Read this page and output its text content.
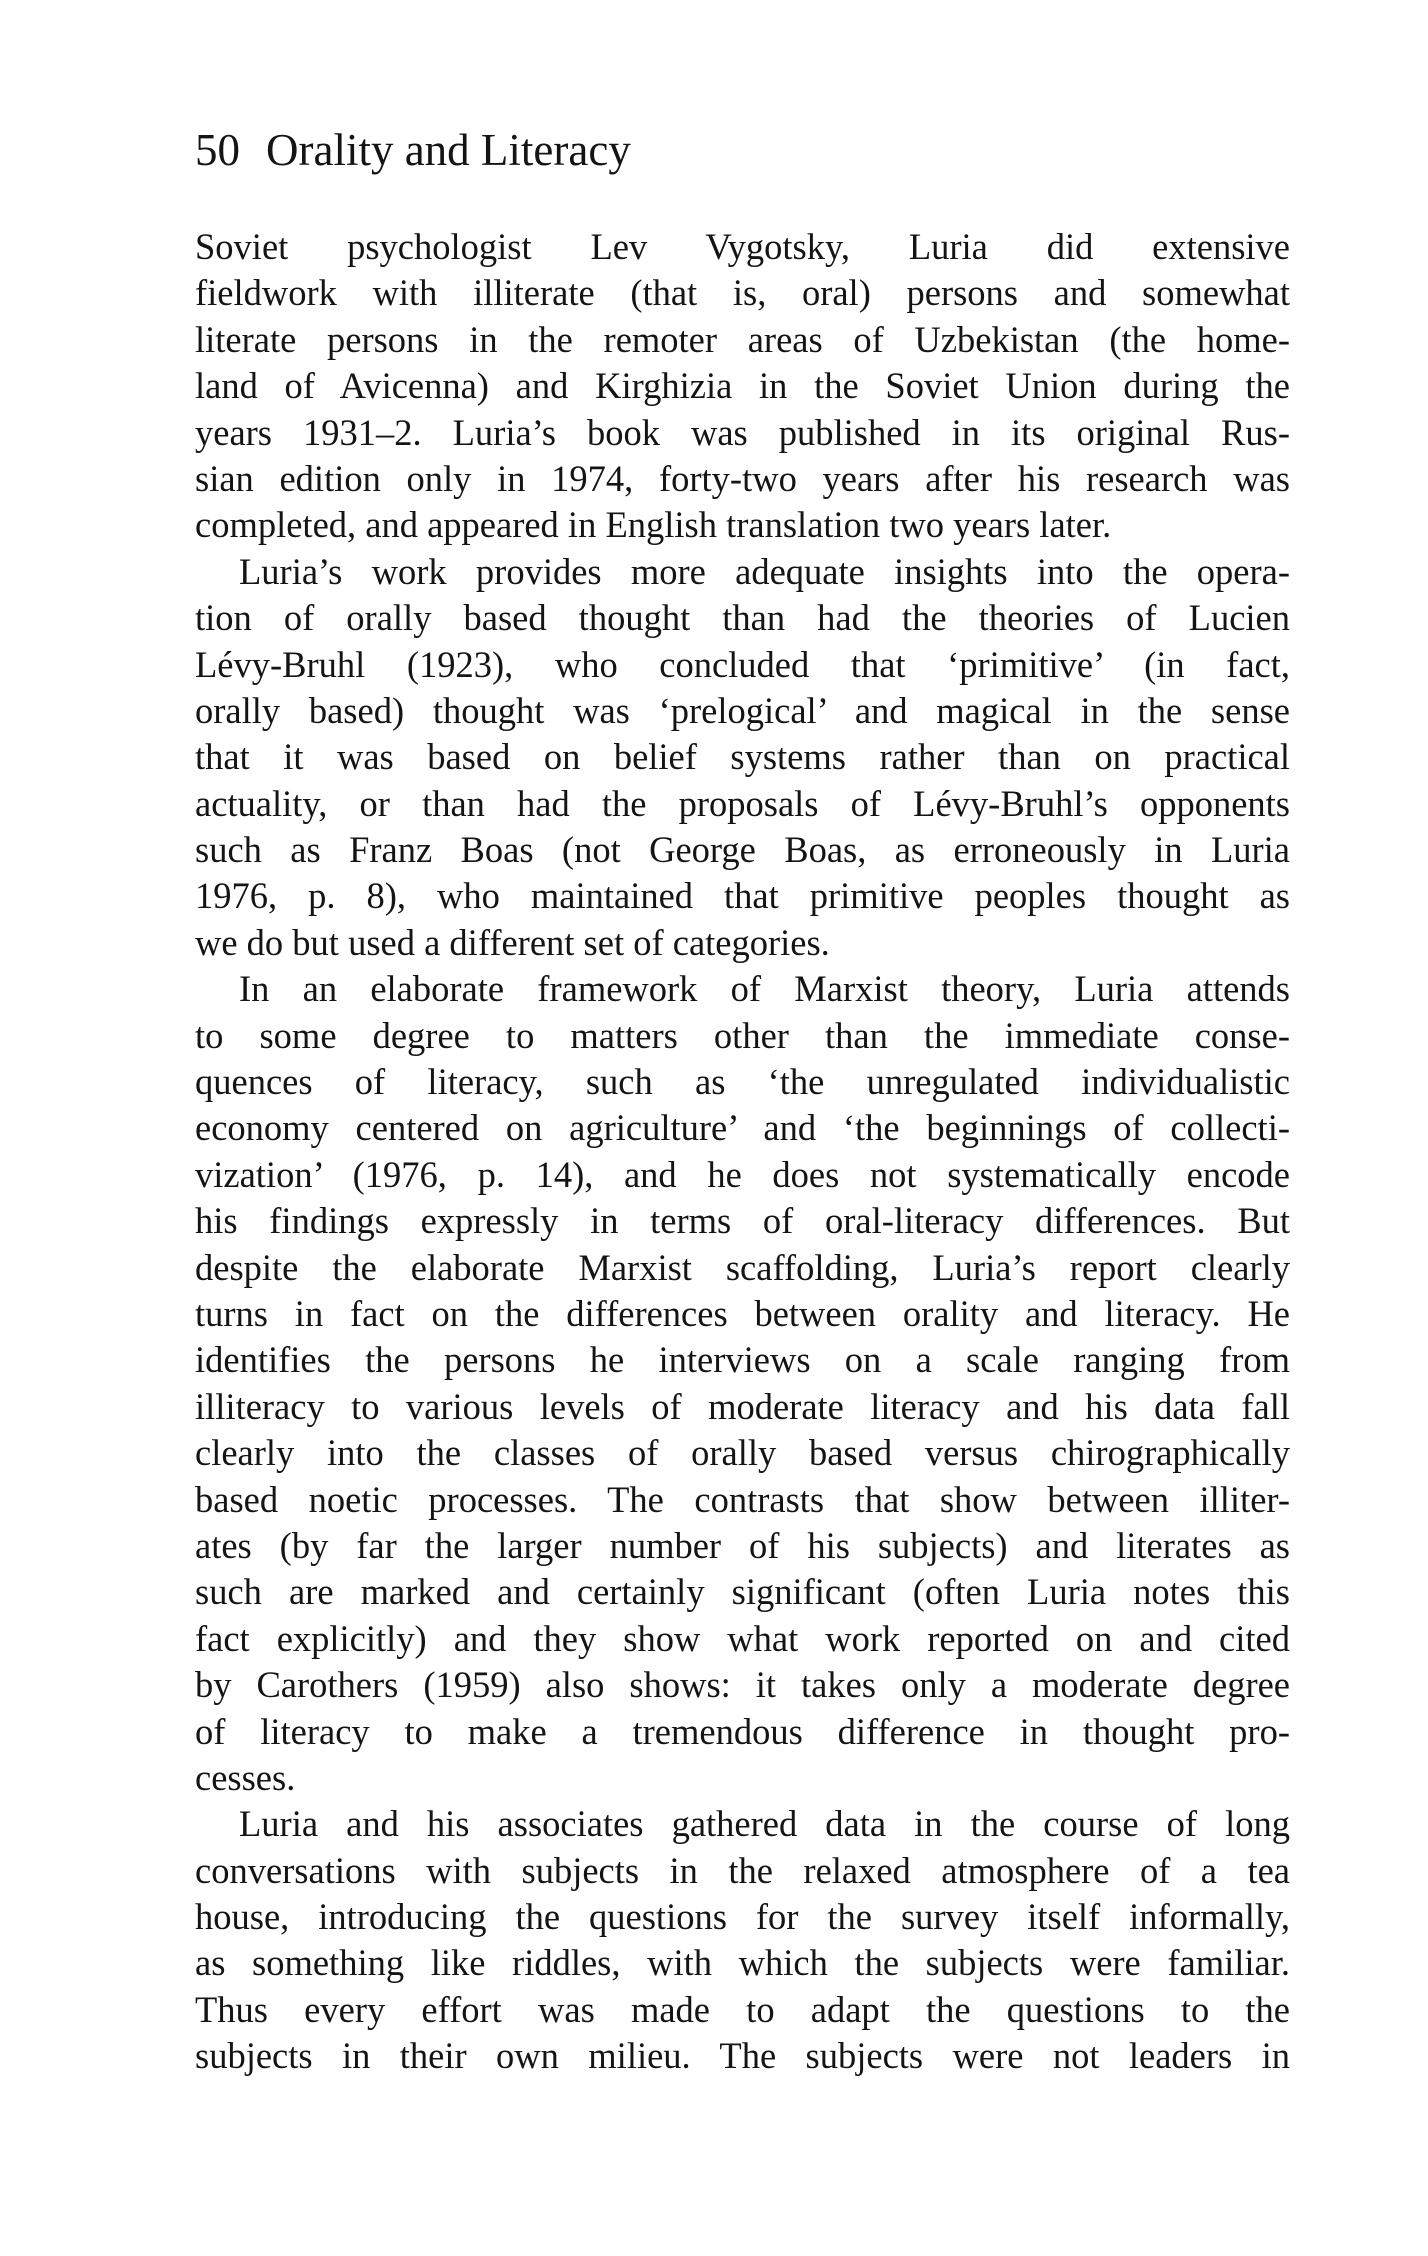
50 Orality and Literacy
Soviet psychologist Lev Vygotsky, Luria did extensive
fieldwork with illiterate (that is, oral) persons and somewhat
literate persons in the remoter areas of Uzbekistan (the home-
land of Avicenna) and Kirghizia in the Soviet Union during the
years 1931–2. Luria’s book was published in its original Rus-
sian edition only in 1974, forty-two years after his research was
completed, and appeared in English translation two years later.
Luria’s work provides more adequate insights into the opera-
tion of orally based thought than had the theories of Lucien
Lévy-Bruhl (1923), who concluded that ‘primitive’ (in fact,
orally based) thought was ‘prelogical’ and magical in the sense
that it was based on belief systems rather than on practical
actuality, or than had the proposals of Lévy-Bruhl’s opponents
such as Franz Boas (not George Boas, as erroneously in Luria
1976, p. 8), who maintained that primitive peoples thought as
we do but used a different set of categories.
In an elaborate framework of Marxist theory, Luria attends
to some degree to matters other than the immediate conse-
quences of literacy, such as ‘the unregulated individualistic
economy centered on agriculture’ and ‘the beginnings of collecti-
vization’ (1976, p. 14), and he does not systematically encode
his findings expressly in terms of oral-literacy differences. But
despite the elaborate Marxist scaffolding, Luria’s report clearly
turns in fact on the differences between orality and literacy. He
identifies the persons he interviews on a scale ranging from
illiteracy to various levels of moderate literacy and his data fall
clearly into the classes of orally based versus chirographically
based noetic processes. The contrasts that show between illiter-
ates (by far the larger number of his subjects) and literates as
such are marked and certainly significant (often Luria notes this
fact explicitly) and they show what work reported on and cited
by Carothers (1959) also shows: it takes only a moderate degree
of literacy to make a tremendous difference in thought pro-
cesses.
Luria and his associates gathered data in the course of long
conversations with subjects in the relaxed atmosphere of a tea
house, introducing the questions for the survey itself informally,
as something like riddles, with which the subjects were familiar.
Thus every effort was made to adapt the questions to the
subjects in their own milieu. The subjects were not leaders in
